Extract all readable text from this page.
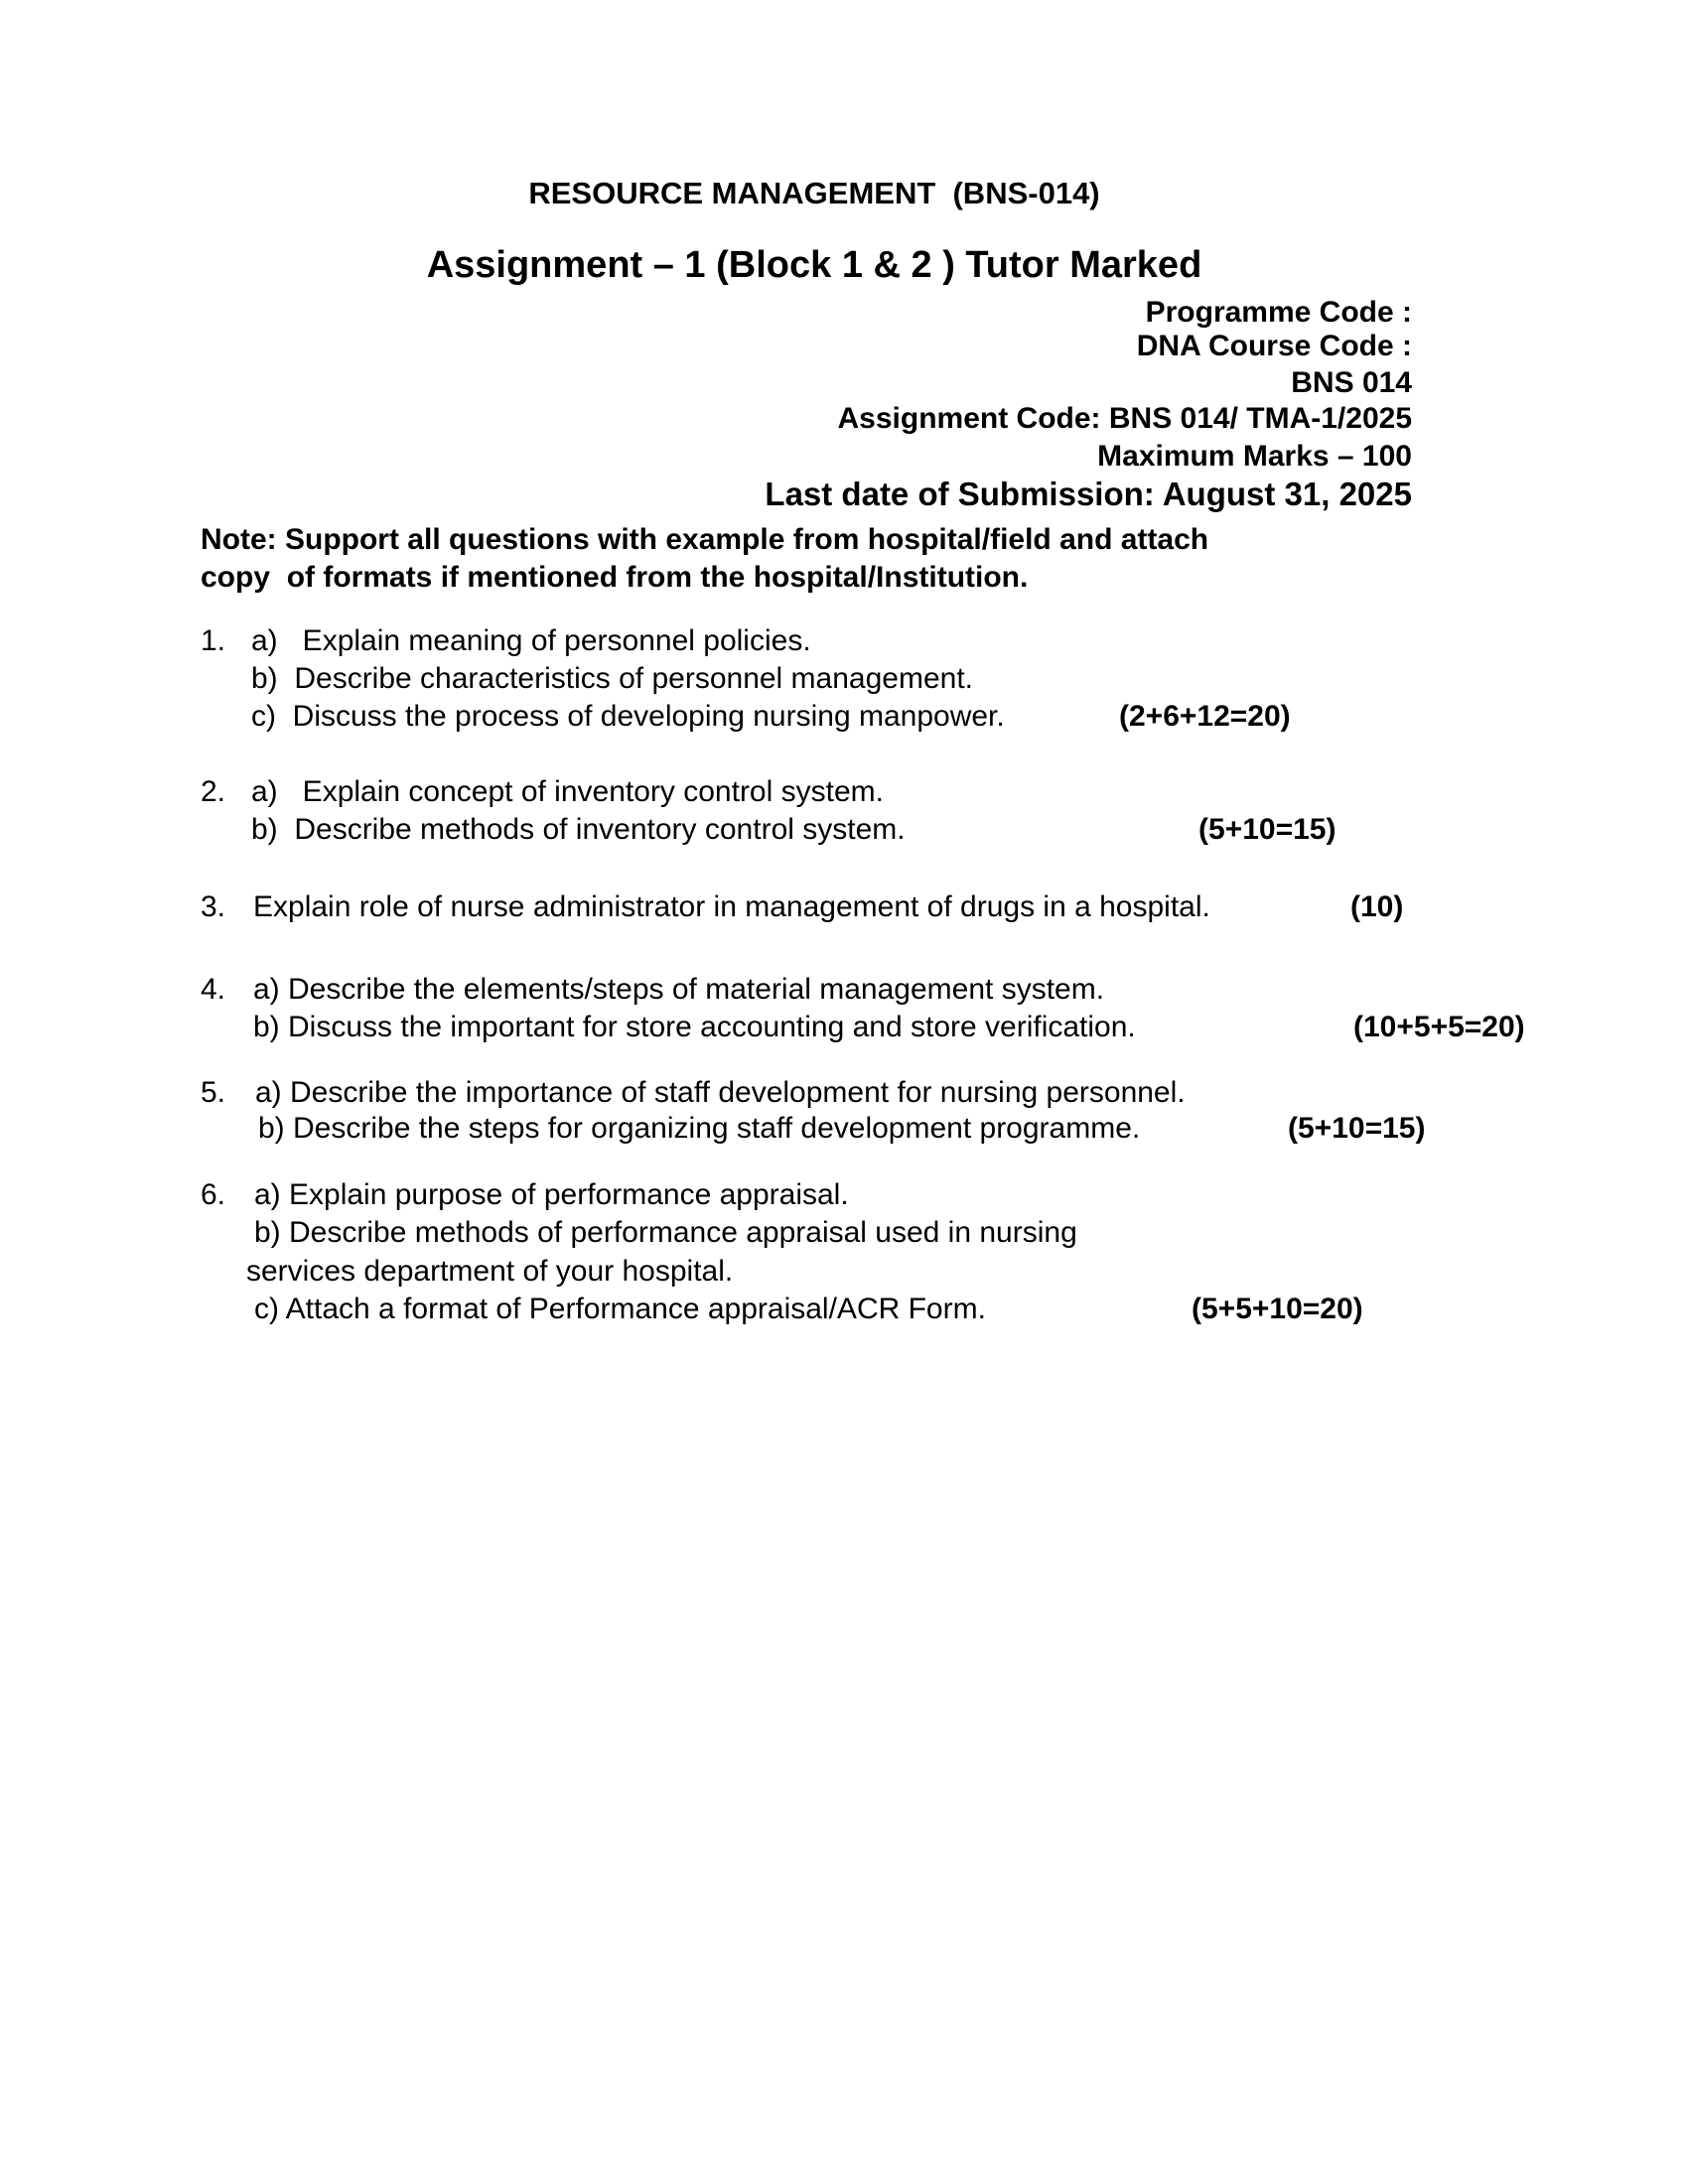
RESOURCE MANAGEMENT  (BNS-014)
Assignment – 1 (Block 1 & 2 ) Tutor Marked
Programme Code :
DNA Course Code :
BNS 014
Assignment Code: BNS 014/ TMA-1/2025
Maximum Marks – 100
Last date of Submission: August 31, 2025
Note: Support all questions with example from hospital/field and attach
copy  of formats if mentioned from the hospital/Institution.
1. a)   Explain meaning of personnel policies.
b)  Describe characteristics of personnel management.
c)  Discuss the process of developing nursing manpower.	(2+6+12=20)
2. a)   Explain concept of inventory control system.
b)  Describe methods of inventory control system.	(5+10=15)
3. Explain role of nurse administrator in management of drugs in a hospital.	(10)
4. a) Describe the elements/steps of material management system.
b) Discuss the important for store accounting and store verification.	(10+5+5=20)
5. a) Describe the importance of staff development for nursing personnel.
b) Describe the steps for organizing staff development programme.	(5+10=15)
6. a) Explain purpose of performance appraisal.
b) Describe methods of performance appraisal used in nursing
services department of your hospital.
c) Attach a format of Performance appraisal/ACR Form.	(5+5+10=20)
